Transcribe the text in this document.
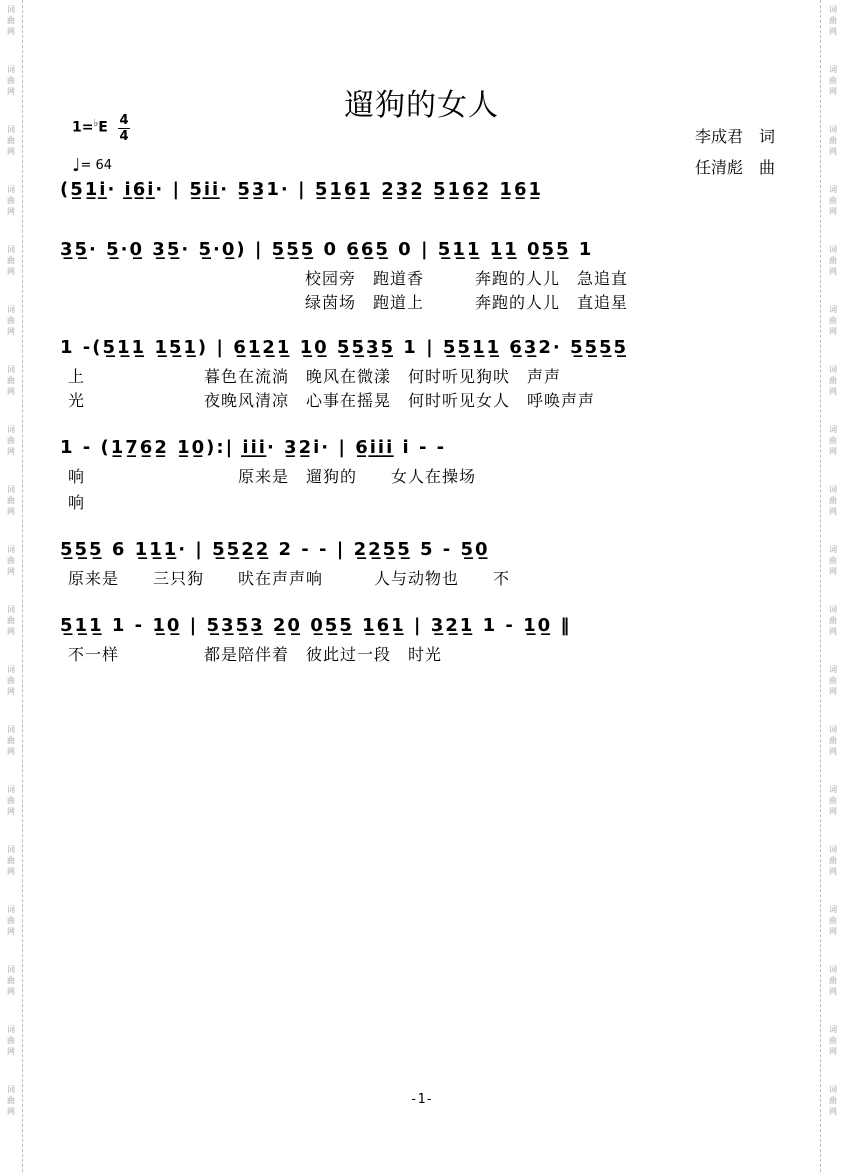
词
曲
网
词
曲
网
词
曲
网
词
曲
网
词
曲
网
词
曲
网
词
曲
网
词
曲
网
词
曲
网
词
曲
网
词
曲
网
词
曲
网
词
曲
网
词
曲
网
词
曲
网
词
曲
网
词
曲
网
词
曲
网
词
曲
网
词
曲
网
词
曲
网
词
曲
网
词
曲
网
词
曲
网
词
曲
网
词
曲
网
词
曲
网
词
曲
网
词
曲
网
词
曲
网
词
曲
网
词
曲
网
词
曲
网
词
曲
网
词
曲
网
词
曲
网
词
曲
网
词
曲
网
遛狗的女人
1=♭E 4
4
♩= 64
李成君　词
任清彪　曲
(5̲1̲i̲· i̲6̲i̲· | 5̲i̲i̲· 5̲3̲1· | 5̲1̲6̲1̲ 2̲3̲2̲ 5̲1̲6̲2̲ 1̲6̲1̲
3̲5̲· 5̲·0̲ 3̲5̲· 5̲·0̲) | 5̲5̲5̲ 0 6̲6̲5̲ 0 | 5̲1̲1̲ 1̲1̲ 0̲5̲5̲ 1
校园旁　跑道香　　　奔跑的人儿　急追直
绿茵场　跑道上　　　奔跑的人儿　直追星
1 -(5̲1̲1̲ 1̲5̲1̲) | 6̲1̲2̲1̲ 1̲0̲ 5̲5̲3̲5̲ 1 | 5̲5̲1̲1̲ 6̲3̲2· 5̲5̲5̲5̲
上　　　　　　　暮色在流淌　晚风在微漾　何时听见狗吠　声声
光　　　　　　　夜晚风清凉　心事在摇晃　何时听见女人　呼唤声声
1 - (1̲7̲6̲2̲ 1̲0̲):| i̲i̲i̲· 3̲2̲i· | 6̲i̲i̲i̲ i - -
响　　　　　　　　　原来是　遛狗的　　女人在操场
响
5̲5̲5̲ 6 1̲1̲1̲· | 5̲5̲2̲2̲ 2 - - | 2̲2̲5̲5̲ 5 - 5̲0̲
原来是　　三只狗　　吠在声声响　　　人与动物也　　不
5̲1̲1̲ 1 - 1̲0̲ | 5̲3̲5̲3̲ 2̲0̲ 0̲5̲5̲ 1̲6̲1̲ | 3̲2̲1̲ 1 - 1̲0̲ ‖
不一样　　　　　都是陪伴着　彼此过一段　时光
-1-
